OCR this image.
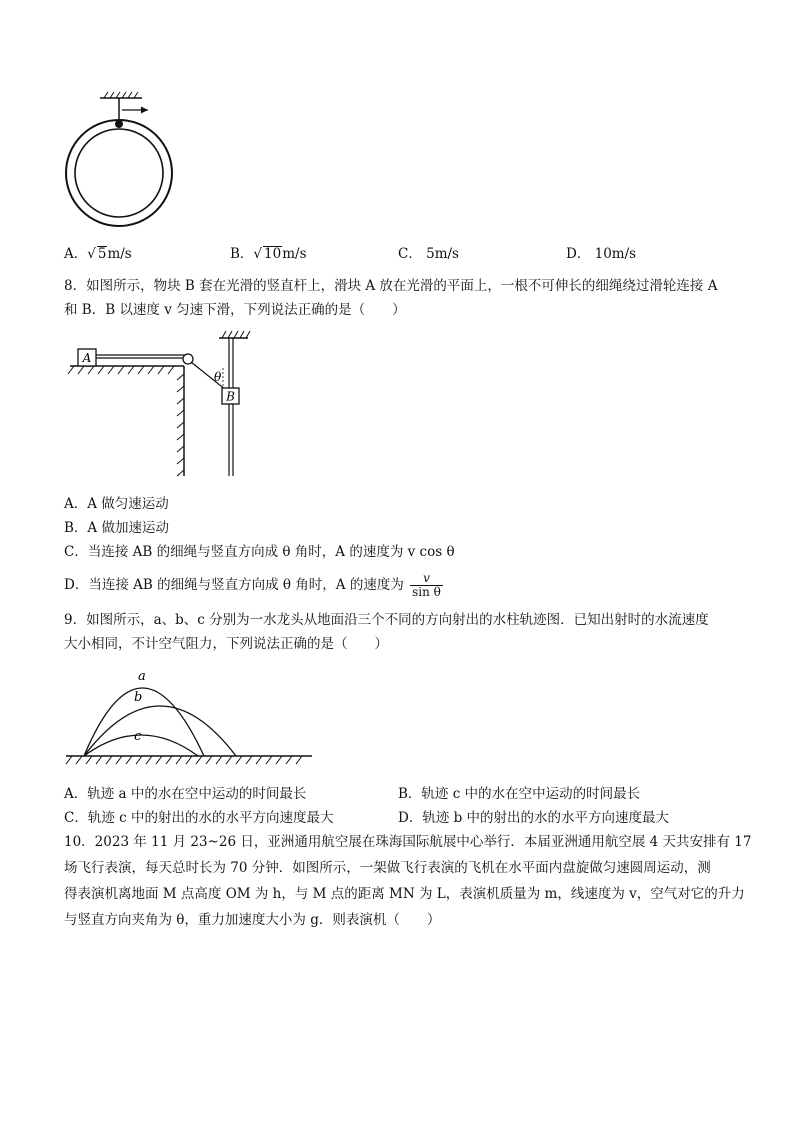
A．√ 5m/s	B．√ 10m/s	C． 5m/s	D． 10m/s
8．如图所示，物块 B 套在光滑的竖直杆上，滑块 A 放在光滑的平面上，一根不可伸长的细绳绕过滑轮连接 A
和 B．B 以速度 v 匀速下滑，下列说法正确的是（　　）
A
B
θ
A．A 做匀速运动
B．A 做加速运动
C．当连接 AB 的细绳与竖直方向成 θ 角时，A 的速度为 v cos θ
D．当连接 AB 的细绳与竖直方向成 θ 角时，A 的速度为 $\frac{v}{\text{sin θ}}$
9．如图所示，a、b、c 分别为一水龙头从地面沿三个不同的方向射出的水柱轨迹图．已知出射时的水流速度
大小相同，不计空气阻力，下列说法正确的是（　　）
a
b
c
A．轨迹 a 中的水在空中运动的时间最长	B．轨迹 c 中的水在空中运动的时间最长
C．轨迹 c 中的射出的水的水平方向速度最大	D．轨迹 b 中的射出的水的水平方向速度最大
10．2023 年 11 月 23~26 日，亚洲通用航空展在珠海国际航展中心举行．本届亚洲通用航空展 4 天共安排有 17
场飞行表演，每天总时长为 70 分钟．如图所示，一架做飞行表演的飞机在水平面内盘旋做匀速圆周运动，测
得表演机离地面 M 点高度 OM 为 h，与 M 点的距离 MN 为 L，表演机质量为 m，线速度为 v，空气对它的升力
与竖直方向夹角为 θ，重力加速度大小为 g．则表演机（　　）
